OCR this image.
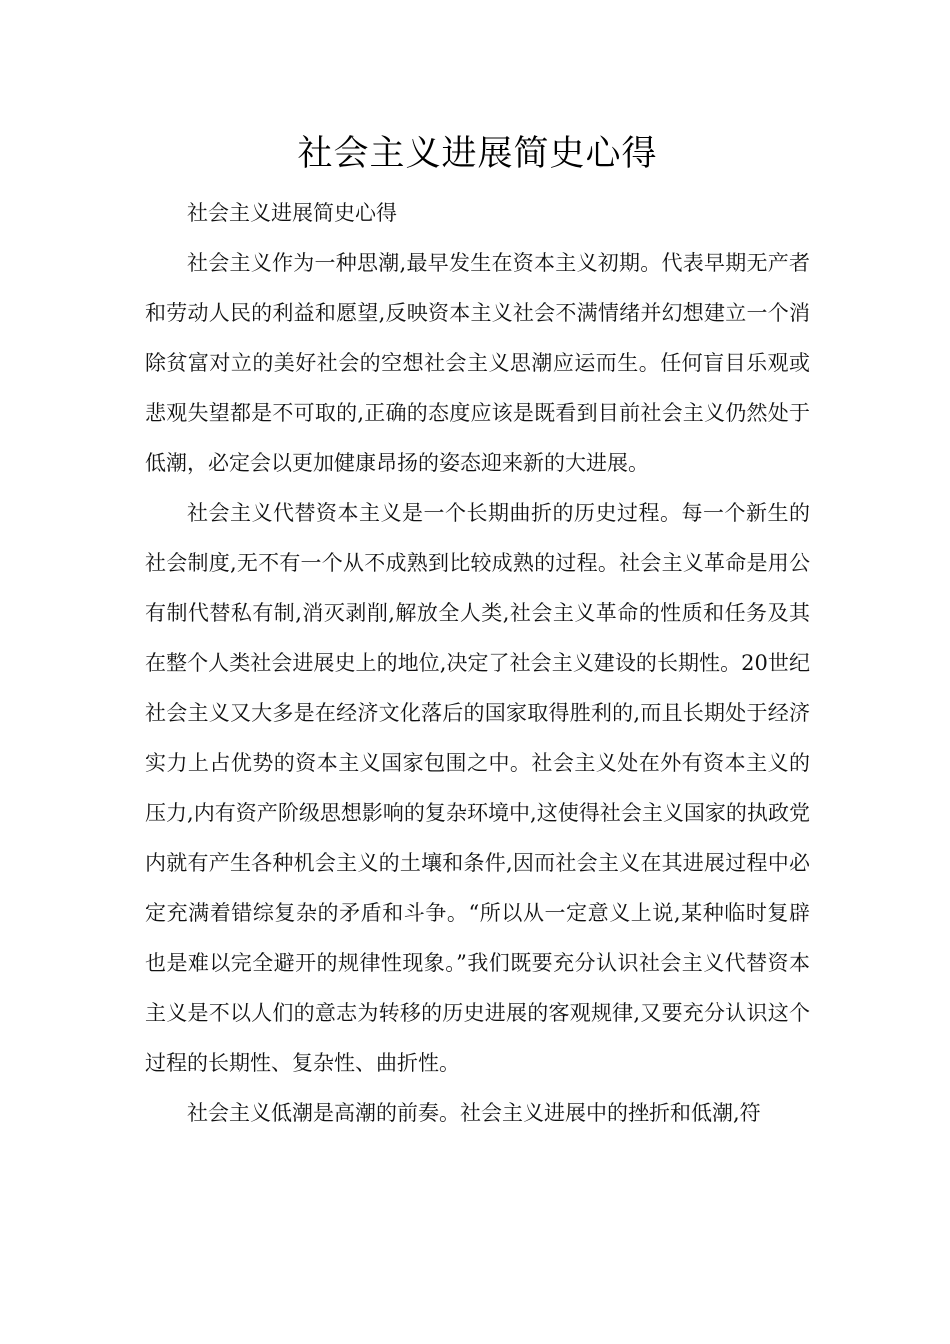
社会主义进展简史心得

社会主义进展简史心得

社会主义作为一种思潮,最早发生在资本主义初期。代表早期无产者和劳动人民的利益和愿望,反映资本主义社会不满情绪并幻想建立一个消除贫富对立的美好社会的空想社会主义思潮应运而生。任何盲目乐观或悲观失望都是不可取的,正确的态度应该是既看到目前社会主义仍然处于低潮，必定会以更加健康昂扬的姿态迎来新的大进展。

社会主义代替资本主义是一个长期曲折的历史过程。每一个新生的社会制度,无不有一个从不成熟到比较成熟的过程。社会主义革命是用公有制代替私有制,消灭剥削,解放全人类,社会主义革命的性质和任务及其在整个人类社会进展史上的地位,决定了社会主义建设的长期性。20世纪社会主义又大多是在经济文化落后的国家取得胜利的,而且长期处于经济实力上占优势的资本主义国家包围之中。社会主义处在外有资本主义的压力,内有资产阶级思想影响的复杂环境中,这使得社会主义国家的执政党内就有产生各种机会主义的土壤和条件,因而社会主义在其进展过程中必定充满着错综复杂的矛盾和斗争。“所以从一定意义上说,某种临时复辟也是难以完全避开的规律性现象。”我们既要充分认识社会主义代替资本主义是不以人们的意志为转移的历史进展的客观规律,又要充分认识这个过程的长期性、复杂性、曲折性。

社会主义低潮是高潮的前奏。社会主义进展中的挫折和低潮,符
